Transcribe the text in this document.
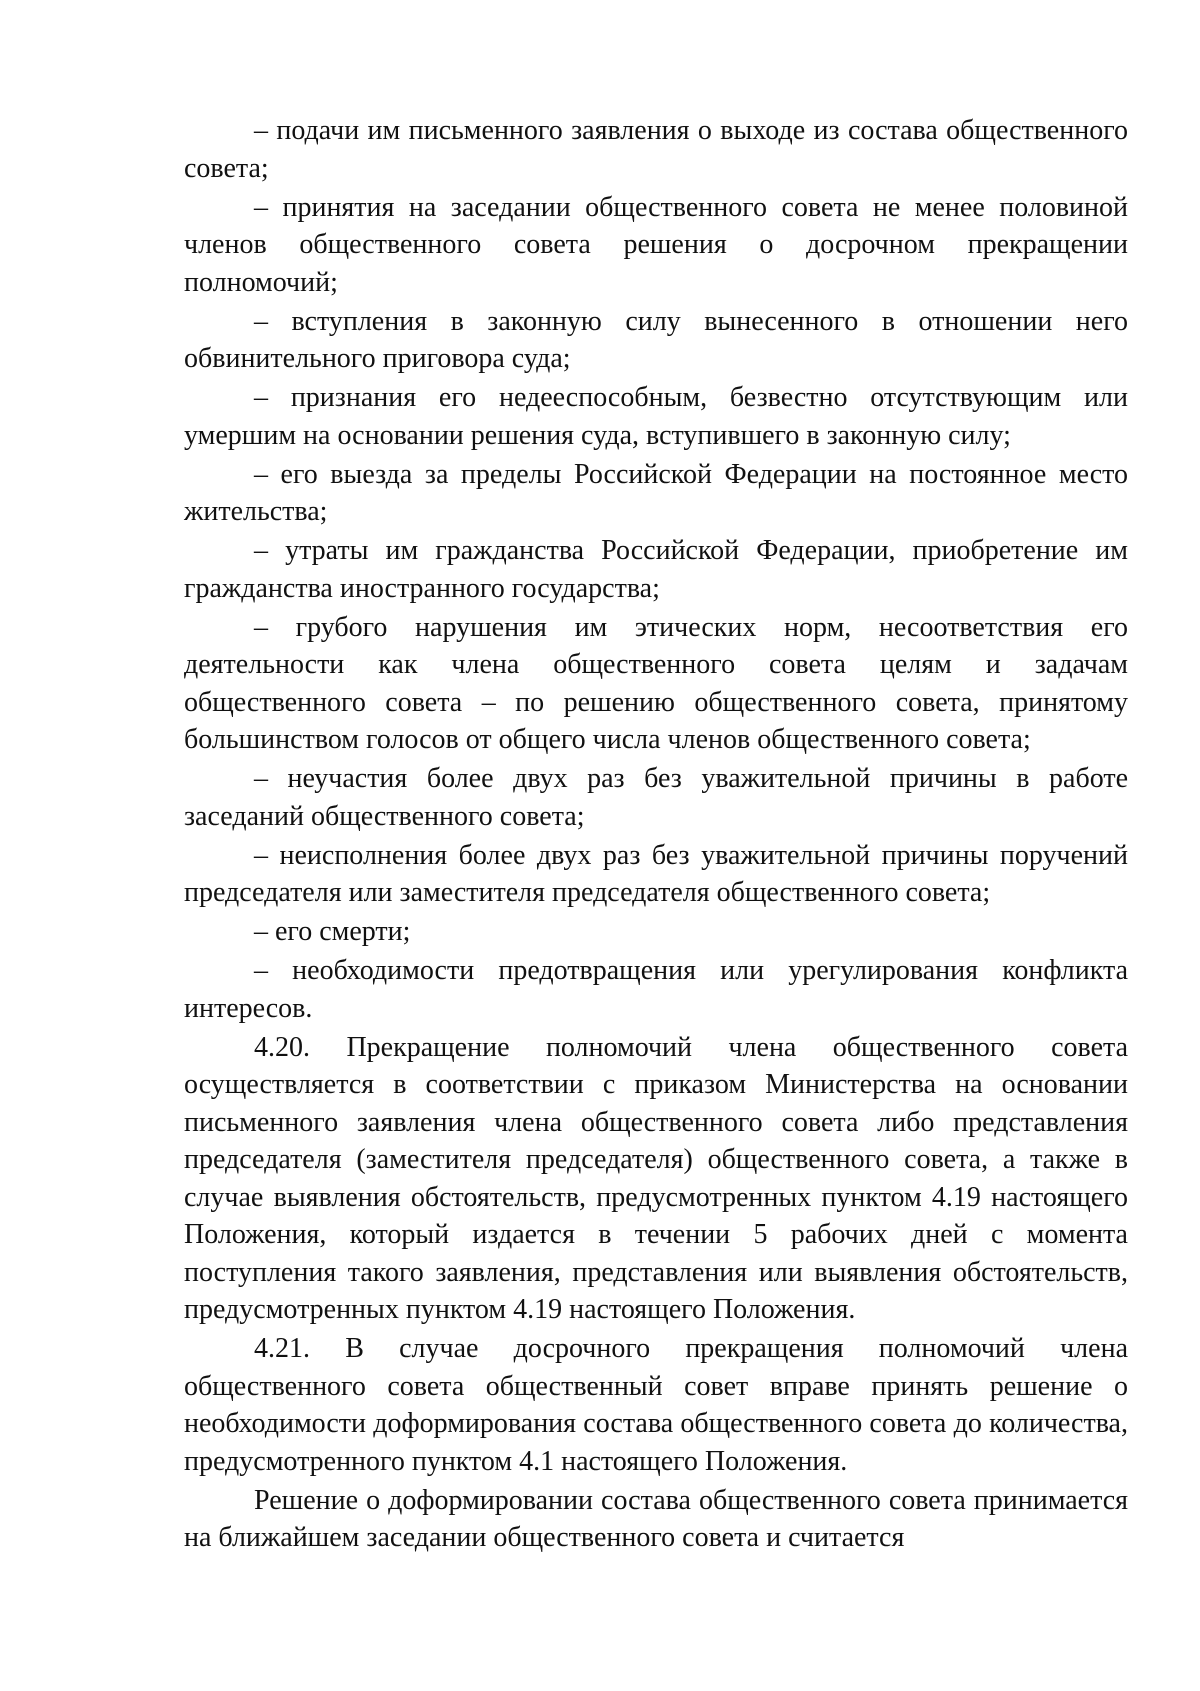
– подачи им письменного заявления о выходе из состава общественного совета;

– принятия на заседании общественного совета не менее половиной членов общественного совета решения о досрочном прекращении полномочий;

– вступления в законную силу вынесенного в отношении него обвинительного приговора суда;

– признания его недееспособным, безвестно отсутствующим или умершим на основании решения суда, вступившего в законную силу;

– его выезда за пределы Российской Федерации на постоянное место жительства;

– утраты им гражданства Российской Федерации, приобретение им гражданства иностранного государства;

– грубого нарушения им этических норм, несоответствия его деятельности как члена общественного совета целям и задачам общественного совета – по решению общественного совета, принятому большинством голосов от общего числа членов общественного совета;

– неучастия более двух раз без уважительной причины в работе заседаний общественного совета;

– неисполнения более двух раз без уважительной причины поручений председателя или заместителя председателя общественного совета;

– его смерти;

– необходимости предотвращения или урегулирования конфликта интересов.

4.20. Прекращение полномочий члена общественного совета осуществляется в соответствии с приказом Министерства на основании письменного заявления члена общественного совета либо представления председателя (заместителя председателя) общественного совета, а также в случае выявления обстоятельств, предусмотренных пунктом 4.19 настоящего Положения, который издается в течении 5 рабочих дней с момента поступления такого заявления, представления или выявления обстоятельств, предусмотренных пунктом 4.19 настоящего Положения.

4.21. В случае досрочного прекращения полномочий члена общественного совета общественный совет вправе принять решение о необходимости доформирования состава общественного совета до количества, предусмотренного пунктом 4.1 настоящего Положения.

Решение о доформировании состава общественного совета принимается на ближайшем заседании общественного совета и считается
